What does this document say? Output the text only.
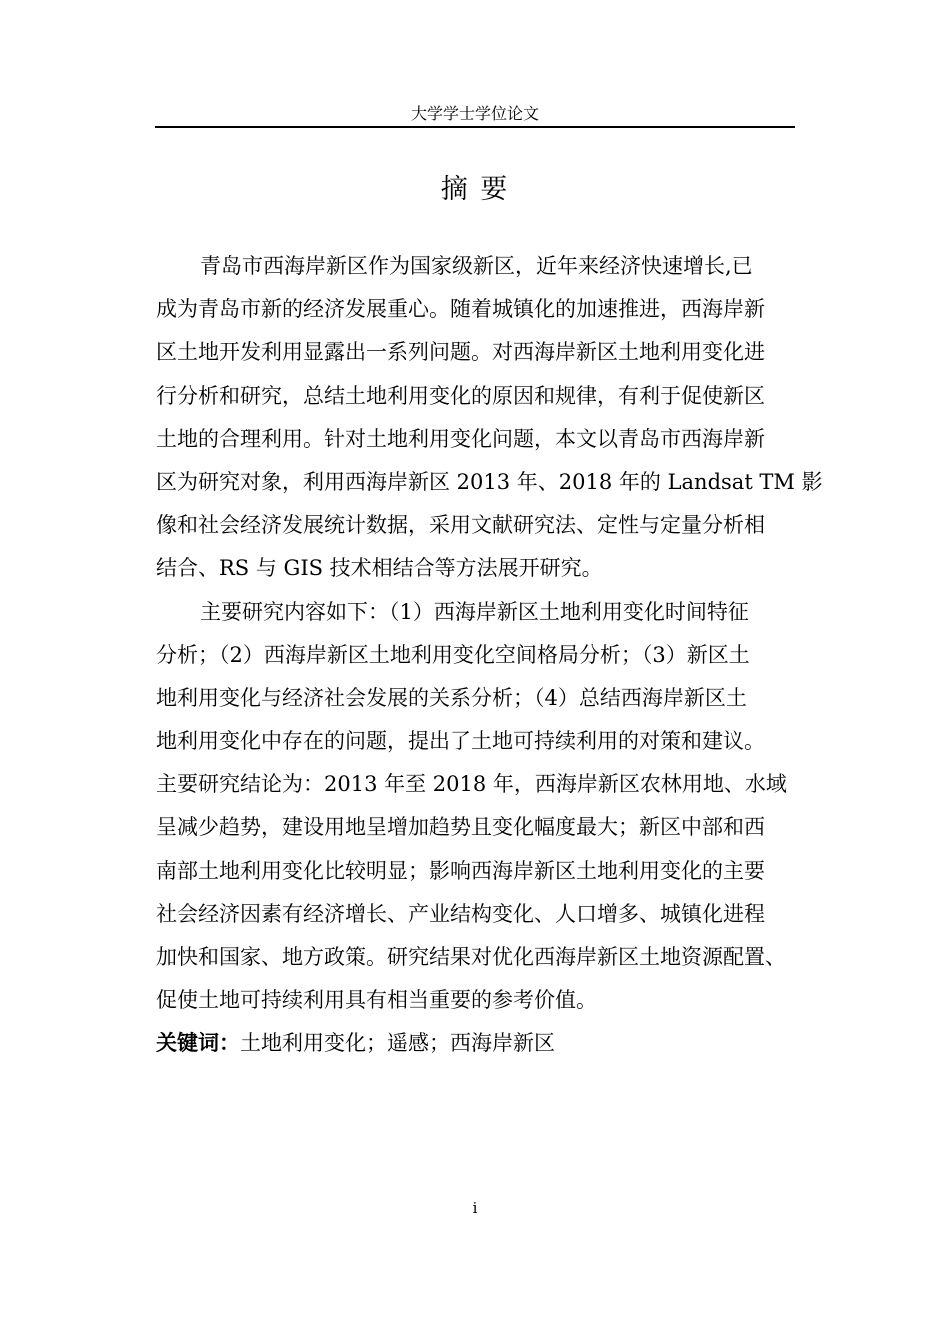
大学学士学位论文
摘 要
青岛市西海岸新区作为国家级新区，近年来经济快速增长,已
成为青岛市新的经济发展重心。随着城镇化的加速推进，西海岸新
区土地开发利用显露出一系列问题。对西海岸新区土地利用变化进
行分析和研究，总结土地利用变化的原因和规律，有利于促使新区
土地的合理利用。针对土地利用变化问题，本文以青岛市西海岸新
区为研究对象，利用西海岸新区 2013 年、2018 年的 Landsat TM 影
像和社会经济发展统计数据，采用文献研究法、定性与定量分析相
结合、RS 与 GIS 技术相结合等方法展开研究。
主要研究内容如下：（1）西海岸新区土地利用变化时间特征
分析；（2）西海岸新区土地利用变化空间格局分析；（3）新区土
地利用变化与经济社会发展的关系分析；（4）总结西海岸新区土
地利用变化中存在的问题，提出了土地可持续利用的对策和建议。
主要研究结论为：2013 年至 2018 年，西海岸新区农林用地、水域
呈减少趋势，建设用地呈增加趋势且变化幅度最大；新区中部和西
南部土地利用变化比较明显；影响西海岸新区土地利用变化的主要
社会经济因素有经济增长、产业结构变化、人口增多、城镇化进程
加快和国家、地方政策。研究结果对优化西海岸新区土地资源配置、
促使土地可持续利用具有相当重要的参考价值。
关键词：土地利用变化；遥感；西海岸新区
i
